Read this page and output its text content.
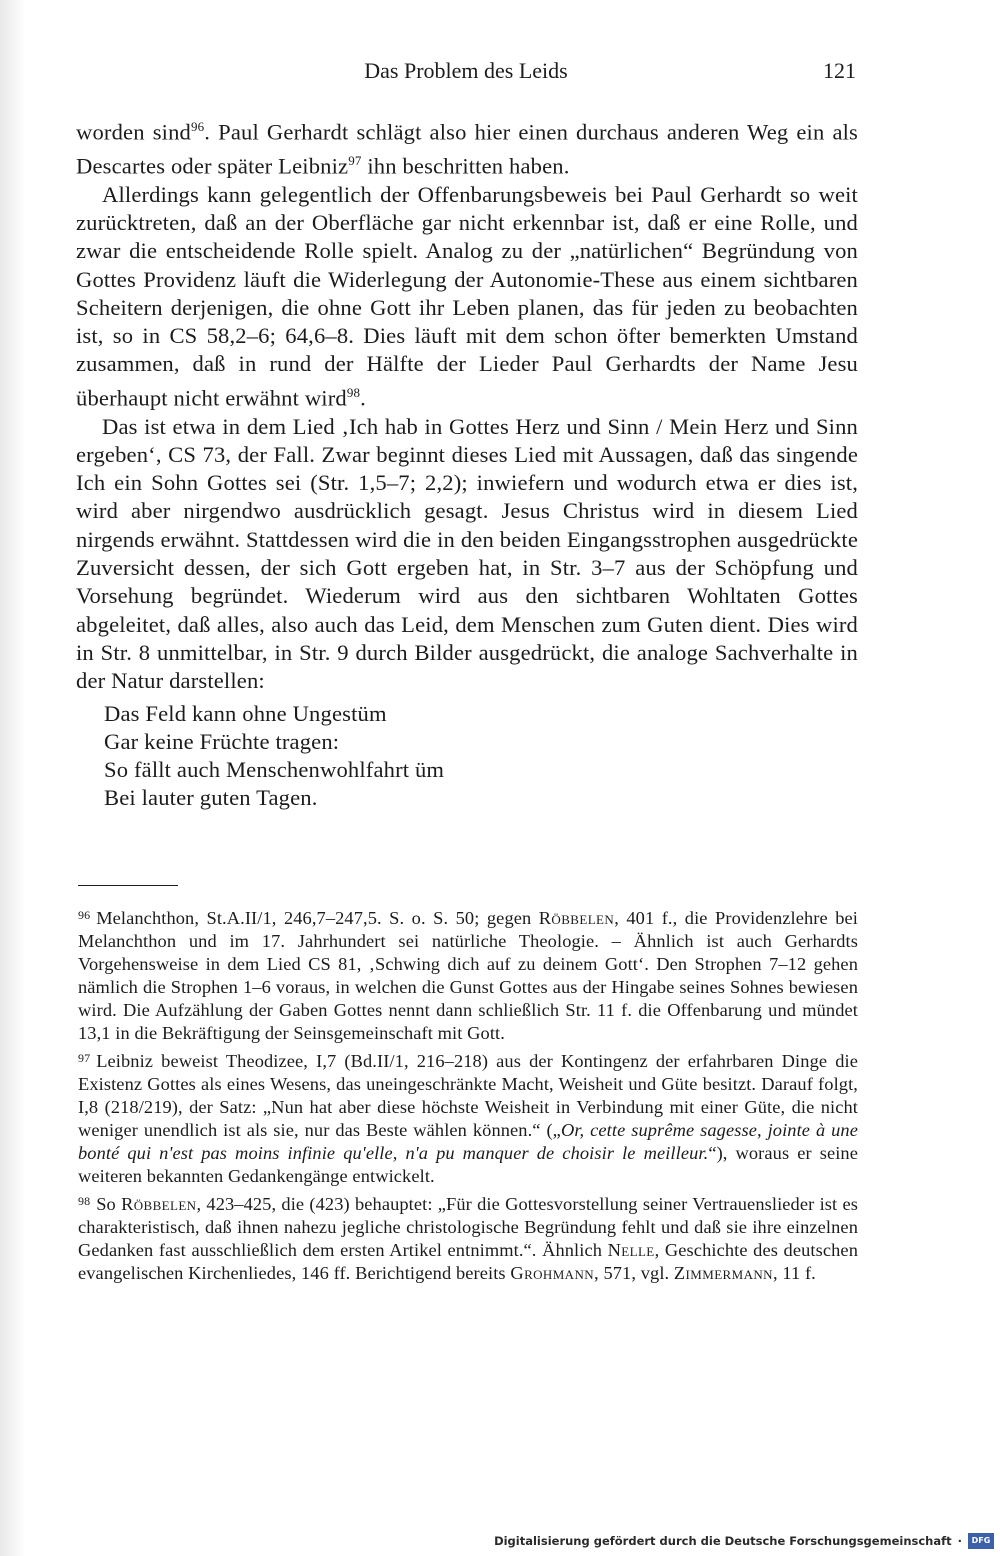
Das Problem des Leids	121

worden sind$^{96}$. Paul Gerhardt schlägt also hier einen durchaus anderen Weg ein als Descartes oder später Leibniz$^{97}$ ihn beschritten haben.

Allerdings kann gelegentlich der Offenbarungsbeweis bei Paul Gerhardt so weit zurücktreten, daß an der Oberfläche gar nicht erkennbar ist, daß er eine Rolle, und zwar die entscheidende Rolle spielt. Analog zu der „natürlichen“ Begründung von Gottes Providenz läuft die Widerlegung der Autonomie-These aus einem sichtbaren Scheitern derjenigen, die ohne Gott ihr Leben planen, das für jeden zu beobachten ist, so in CS 58,2–6; 64,6–8. Dies läuft mit dem schon öfter bemerkten Umstand zusammen, daß in rund der Hälfte der Lieder Paul Gerhardts der Name Jesu überhaupt nicht erwähnt wird$^{98}$.

Das ist etwa in dem Lied ‚Ich hab in Gottes Herz und Sinn / Mein Herz und Sinn ergeben‘, CS 73, der Fall. Zwar beginnt dieses Lied mit Aussagen, daß das singende Ich ein Sohn Gottes sei (Str. 1,5–7; 2,2); inwiefern und wodurch etwa er dies ist, wird aber nirgendwo ausdrücklich gesagt. Jesus Christus wird in diesem Lied nirgends erwähnt. Stattdessen wird die in den beiden Eingangsstrophen ausgedrückte Zuversicht dessen, der sich Gott ergeben hat, in Str. 3–7 aus der Schöpfung und Vorsehung begründet. Wiederum wird aus den sichtbaren Wohltaten Gottes abgeleitet, daß alles, also auch das Leid, dem Menschen zum Guten dient. Dies wird in Str. 8 unmittelbar, in Str. 9 durch Bilder ausgedrückt, die analoge Sachverhalte in der Natur darstellen:

Das Feld kann ohne Ungestüm
Gar keine Früchte tragen:
So fällt auch Menschenwohlfahrt üm
Bei lauter guten Tagen.

$^{96}$ Melanchthon, St.A.II/1, 246,7–247,5. S. o. S. 50; gegen Röbbelen, 401 f., die Providenzlehre bei Melanchthon und im 17. Jahrhundert sei natürliche Theologie. – Ähnlich ist auch Gerhardts Vorgehensweise in dem Lied CS 81, ‚Schwing dich auf zu deinem Gott‘. Den Strophen 7–12 gehen nämlich die Strophen 1–6 voraus, in welchen die Gunst Gottes aus der Hingabe seines Sohnes bewiesen wird. Die Aufzählung der Gaben Gottes nennt dann schließlich Str. 11 f. die Offenbarung und mündet 13,1 in die Bekräftigung der Seinsgemeinschaft mit Gott.

$^{97}$ Leibniz beweist Theodizee, I,7 (Bd.II/1, 216–218) aus der Kontingenz der erfahrbaren Dinge die Existenz Gottes als eines Wesens, das uneingeschränkte Macht, Weisheit und Güte besitzt. Darauf folgt, I,8 (218/219), der Satz: „Nun hat aber diese höchste Weisheit in Verbindung mit einer Güte, die nicht weniger unendlich ist als sie, nur das Beste wählen können.“ („Or, cette suprême sagesse, jointe à une bonté qui n'est pas moins infinie qu'elle, n'a pu manquer de choisir le meilleur.“), woraus er seine weiteren bekannten Gedankengänge entwickelt.

$^{98}$ So Röbbelen, 423–425, die (423) behauptet: „Für die Gottesvorstellung seiner Vertrauenslieder ist es charakteristisch, daß ihnen nahezu jegliche christologische Begründung fehlt und daß sie ihre einzelnen Gedanken fast ausschließlich dem ersten Artikel entnimmt.“. Ähnlich Nelle, Geschichte des deutschen evangelischen Kirchenliedes, 146 ff. Berichtigend bereits Grohmann, 571, vgl. Zimmermann, 11 f.

Digitalisierung gefördert durch die Deutsche Forschungsgemeinschaft ·	DFG
